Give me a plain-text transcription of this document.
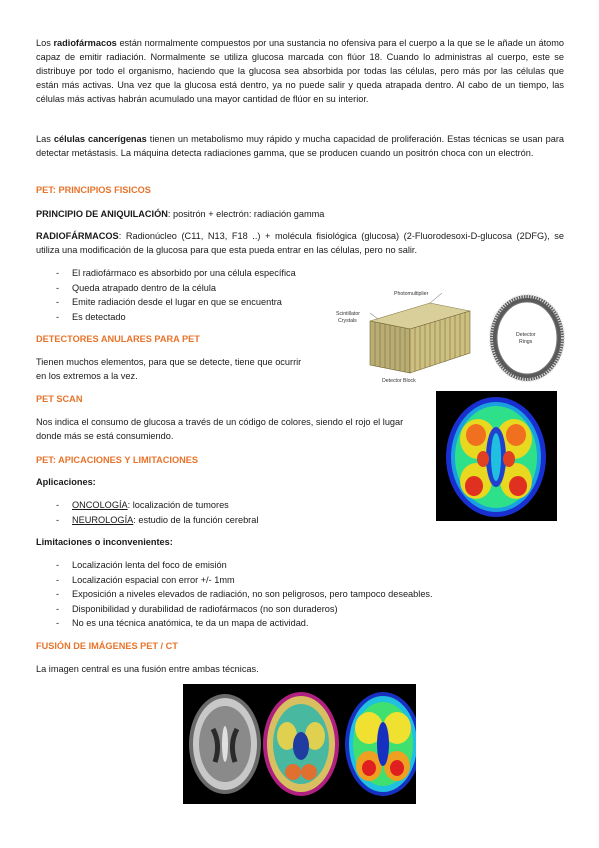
Los radiofármacos están normalmente compuestos por una sustancia no ofensiva para el cuerpo a la que se le añade un átomo capaz de emitir radiación. Normalmente se utiliza glucosa marcada con flúor 18. Cuando lo administras al cuerpo, este se distribuye por todo el organismo, haciendo que la glucosa sea absorbida por todas las células, pero más por las células que están más activas. Una vez que la glucosa está dentro, ya no puede salir y queda atrapada dentro. Al cabo de un tiempo, las células más activas habrán acumulado una mayor cantidad de flúor en su interior.

Las células cancerígenas tienen un metabolismo muy rápido y mucha capacidad de proliferación. Estas técnicas se usan para detectar metástasis. La máquina detecta radiaciones gamma, que se producen cuando un positrón choca con un electrón.

PET: PRINCIPIOS FISICOS

PRINCIPIO DE ANIQUILACIÓN: positrón + electrón: radiación gamma

RADIOFÁRMACOS: Radionúcleo (C11, N13, F18 ..) + molécula fisiológica (glucosa) (2-Fluorodesoxi-D-glucosa (2DFG), se utiliza una modificación de la glucosa para que esta pueda entrar en las células, pero no salir.

- El radiofármaco es absorbido por una célula específica
- Queda atrapado dentro de la célula
- Emite radiación desde el lugar en que se encuentra
- Es detectado
Photomultiplier
Scintillator
Crystals
Detector Block
Detector
Rings
DETECTORES ANULARES PARA PET

Tienen muchos elementos, para que se detecte, tiene que ocurrir en los extremos a la vez.

PET SCAN

Nos indica el consumo de glucosa a través de un código de colores, siendo el rojo el lugar donde más se está consumiendo.

PET: APICACIONES Y LIMITACIONES

Aplicaciones:

- ONCOLOGÍA: localización de tumores
- NEUROLOGÍA: estudio de la función cerebral

Limitaciones o inconvenientes:

- Localización lenta del foco de emisión
- Localización espacial con error +/- 1mm
- Exposición a niveles elevados de radiación, no son peligrosos, pero tampoco deseables.
- Disponibilidad y durabilidad de radiofármacos (no son duraderos)
- No es una técnica anatómica, te da un mapa de actividad.
FUSIÓN DE IMÁGENES PET / CT

La imagen central es una fusión entre ambas técnicas.
